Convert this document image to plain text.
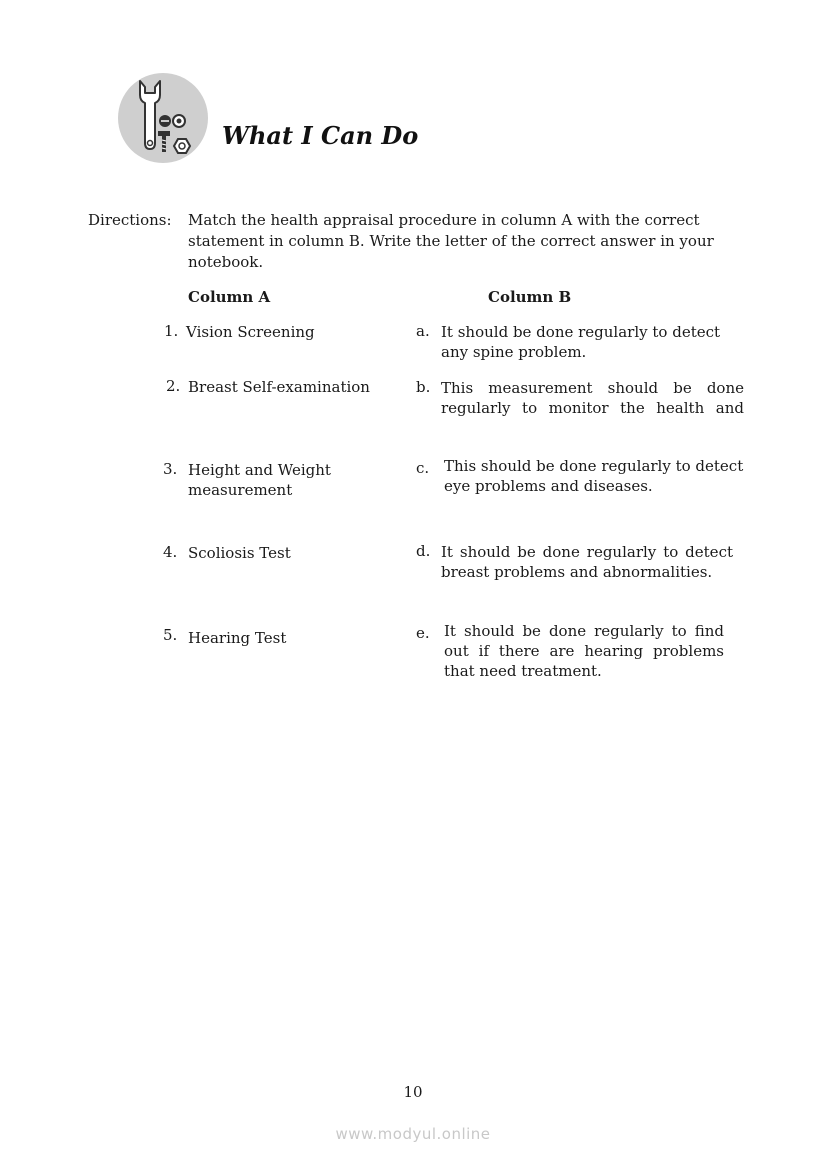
What I Can Do
Directions: Match the health appraisal procedure in column A with the correct statement in column B. Write the letter of the correct answer in your notebook.
Column A	Column B
1. Vision Screening
2. Breast Self-examination
3. Height and Weight measurement
4. Scoliosis Test
5. Hearing Test
a. It should be done regularly to detect any spine problem.
b. This measurement should be done regularly to monitor the health and
c. This should be done regularly to detect eye problems and diseases.
d. It should be done regularly to detect breast problems and abnormalities.
e. It should be done regularly to find out if there are hearing problems that need treatment.
10
www.modyul.online
